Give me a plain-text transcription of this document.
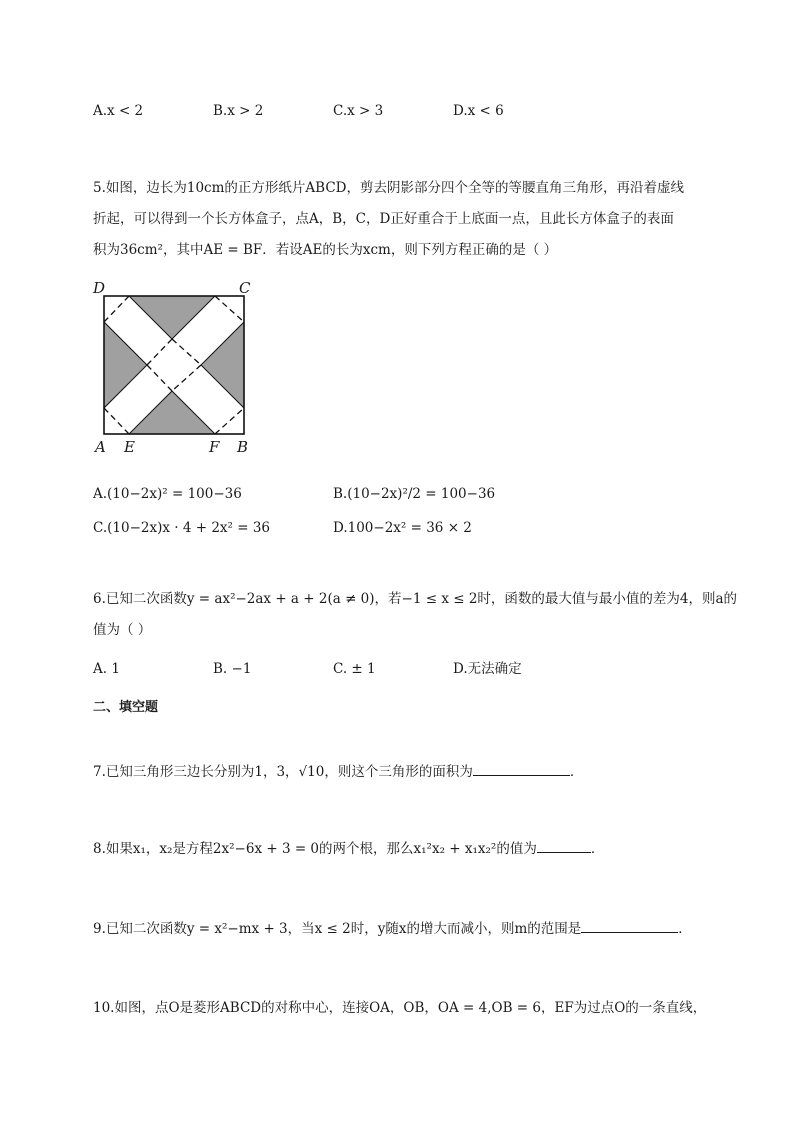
A.x < 2	B.x > 2	C.x > 3	D.x < 6
5.如图，边长为10cm的正方形纸片ABCD，剪去阴影部分四个全等的等腰直角三角形，再沿着虚线
折起，可以得到一个长方体盒子，点A，B，C，D正好重合于上底面一点，且此长方体盒子的表面
积为36cm²，其中AE = BF．若设AE的长为xcm，则下列方程正确的是（ ）
D	C
A E	F B
A.(10−2x)² = 100−36	B.(10−2x)²/2 = 100−36
C.(10−2x)x · 4 + 2x² = 36	D.100−2x² = 36 × 2
6.已知二次函数y = ax²−2ax + a + 2(a ≠ 0)，若−1 ≤ x ≤ 2时，函数的最大值与最小值的差为4，则a的
值为（ ）
A. 1	B. −1	C. ± 1	D.无法确定
二、填空题
7.已知三角形三边长分别为1，3，√10，则这个三角形的面积为	．
8.如果x₁，x₂是方程2x²−6x + 3 = 0的两个根，那么x₁²x₂ + x₁x₂²的值为	．
9.已知二次函数y = x²−mx + 3，当x ≤ 2时，y随x的增大而减小，则m的范围是	．
10.如图，点O是菱形ABCD的对称中心，连接OA，OB，OA = 4,OB = 6，EF为过点O的一条直线，
